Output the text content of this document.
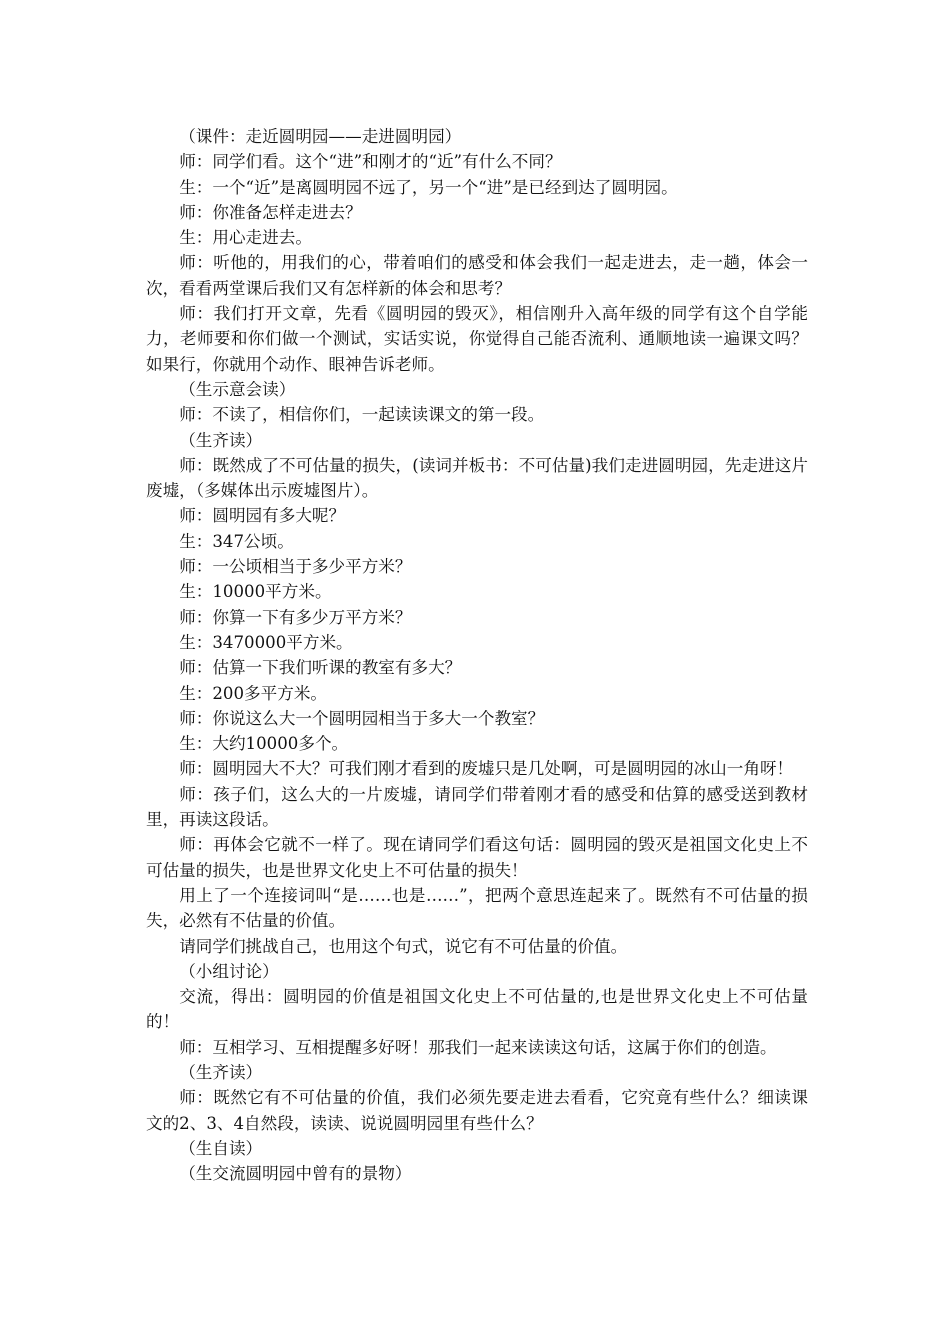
（课件：走近圆明园——走进圆明园）

师：同学们看。这个“进”和刚才的“近”有什么不同？

生：一个“近”是离圆明园不远了，另一个“进”是已经到达了圆明园。

师：你准备怎样走进去？

生：用心走进去。

师：听他的，用我们的心，带着咱们的感受和体会我们一起走进去，走一趟，体会一次，看看两堂课后我们又有怎样新的体会和思考？

师：我们打开文章，先看《圆明园的毁灭》，相信刚升入高年级的同学有这个自学能力，老师要和你们做一个测试，实话实说，你觉得自己能否流利、通顺地读一遍课文吗？如果行，你就用个动作、眼神告诉老师。

（生示意会读）

师：不读了，相信你们，一起读读课文的第一段。

（生齐读）

师：既然成了不可估量的损失，(读词并板书：不可估量)我们走进圆明园，先走进这片废墟，（多媒体出示废墟图片）。

师：圆明园有多大呢？

生：347公顷。

师：一公顷相当于多少平方米？

生：10000平方米。

师：你算一下有多少万平方米？

生：3470000平方米。

师：估算一下我们听课的教室有多大？

生：200多平方米。

师：你说这么大一个圆明园相当于多大一个教室？

生：大约10000多个。

师：圆明园大不大？可我们刚才看到的废墟只是几处啊，可是圆明园的冰山一角呀！

师：孩子们，这么大的一片废墟，请同学们带着刚才看的感受和估算的感受送到教材里，再读这段话。

师：再体会它就不一样了。现在请同学们看这句话：圆明园的毁灭是祖国文化史上不可估量的损失，也是世界文化史上不可估量的损失！

用上了一个连接词叫“是……也是……”，把两个意思连起来了。既然有不可估量的损失，必然有不估量的价值。

请同学们挑战自己，也用这个句式，说它有不可估量的价值。

（小组讨论）

交流，得出：圆明园的价值是祖国文化史上不可估量的,也是世界文化史上不可估量的！

师：互相学习、互相提醒多好呀！那我们一起来读读这句话，这属于你们的创造。

（生齐读）

师：既然它有不可估量的价值，我们必须先要走进去看看，它究竟有些什么？细读课文的2、3、4自然段，读读、说说圆明园里有些什么？

（生自读）

（生交流圆明园中曾有的景物）
